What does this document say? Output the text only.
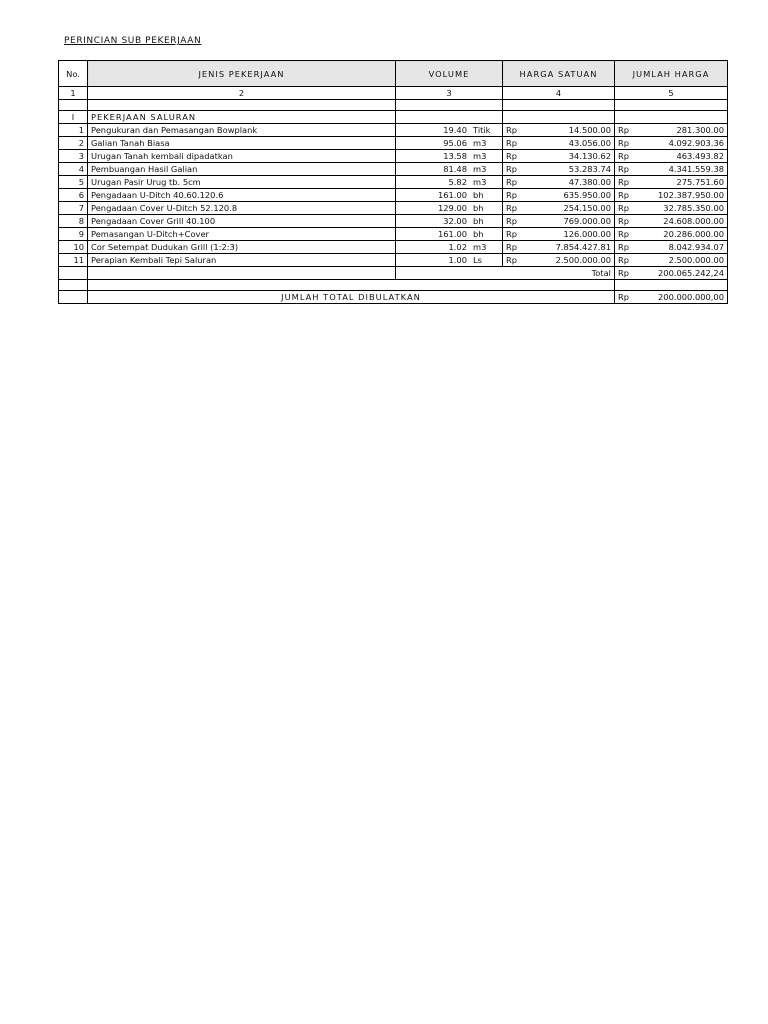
PERINCIAN SUB PEKERJAAN
No.	JENIS PEKERJAAN	VOLUME	HARGA SATUAN	JUMLAH HARGA
1	2	3	4	5

I	PEKERJAAN SALURAN			
1	Pengukuran dan Pemasangan Bowplank	19.40 Titik	Rp 14.500.00	Rp 281.300.00

2	Galian Tanah Biasa	95.06 m3	Rp 43.056.00	Rp 4.092.903.36

3	Urugan Tanah kembali dipadatkan	13.58 m3	Rp 34.130.62	Rp 463.493.82

4	Pembuangan Hasil Galian	81.48 m3	Rp 53.283.74	Rp 4.341.559.38

5	Urugan Pasir Urug tb. 5cm	5.82 m3	Rp 47.380.00	Rp 275.751.60

6	Pengadaan U-Ditch 40.60.120.6	161.00 bh	Rp 635.950.00	Rp 102.387.950.00

7	Pengadaan Cover U-Ditch 52.120.8	129.00 bh	Rp 254.150.00	Rp 32.785.350.00

8	Pengadaan Cover Grill 40.100	32.00 bh	Rp 769.000.00	Rp 24.608.000.00

9	Pemasangan U-Ditch+Cover	161.00 bh	Rp 126.000.00	Rp 20.286.000.00

10	Cor Setempat Dudukan Grill (1:2:3)	1.02 m3	Rp 7.854.427.81	Rp 8.042.934.07

11	Perapian Kembali Tepi Saluran	1.00 Ls	Rp 2.500.000.00	Rp 2.500.000.00

		Total		Rp 200.065.242,24

	JUMLAH TOTAL DIBULATKAN			Rp 200.000.000,00
